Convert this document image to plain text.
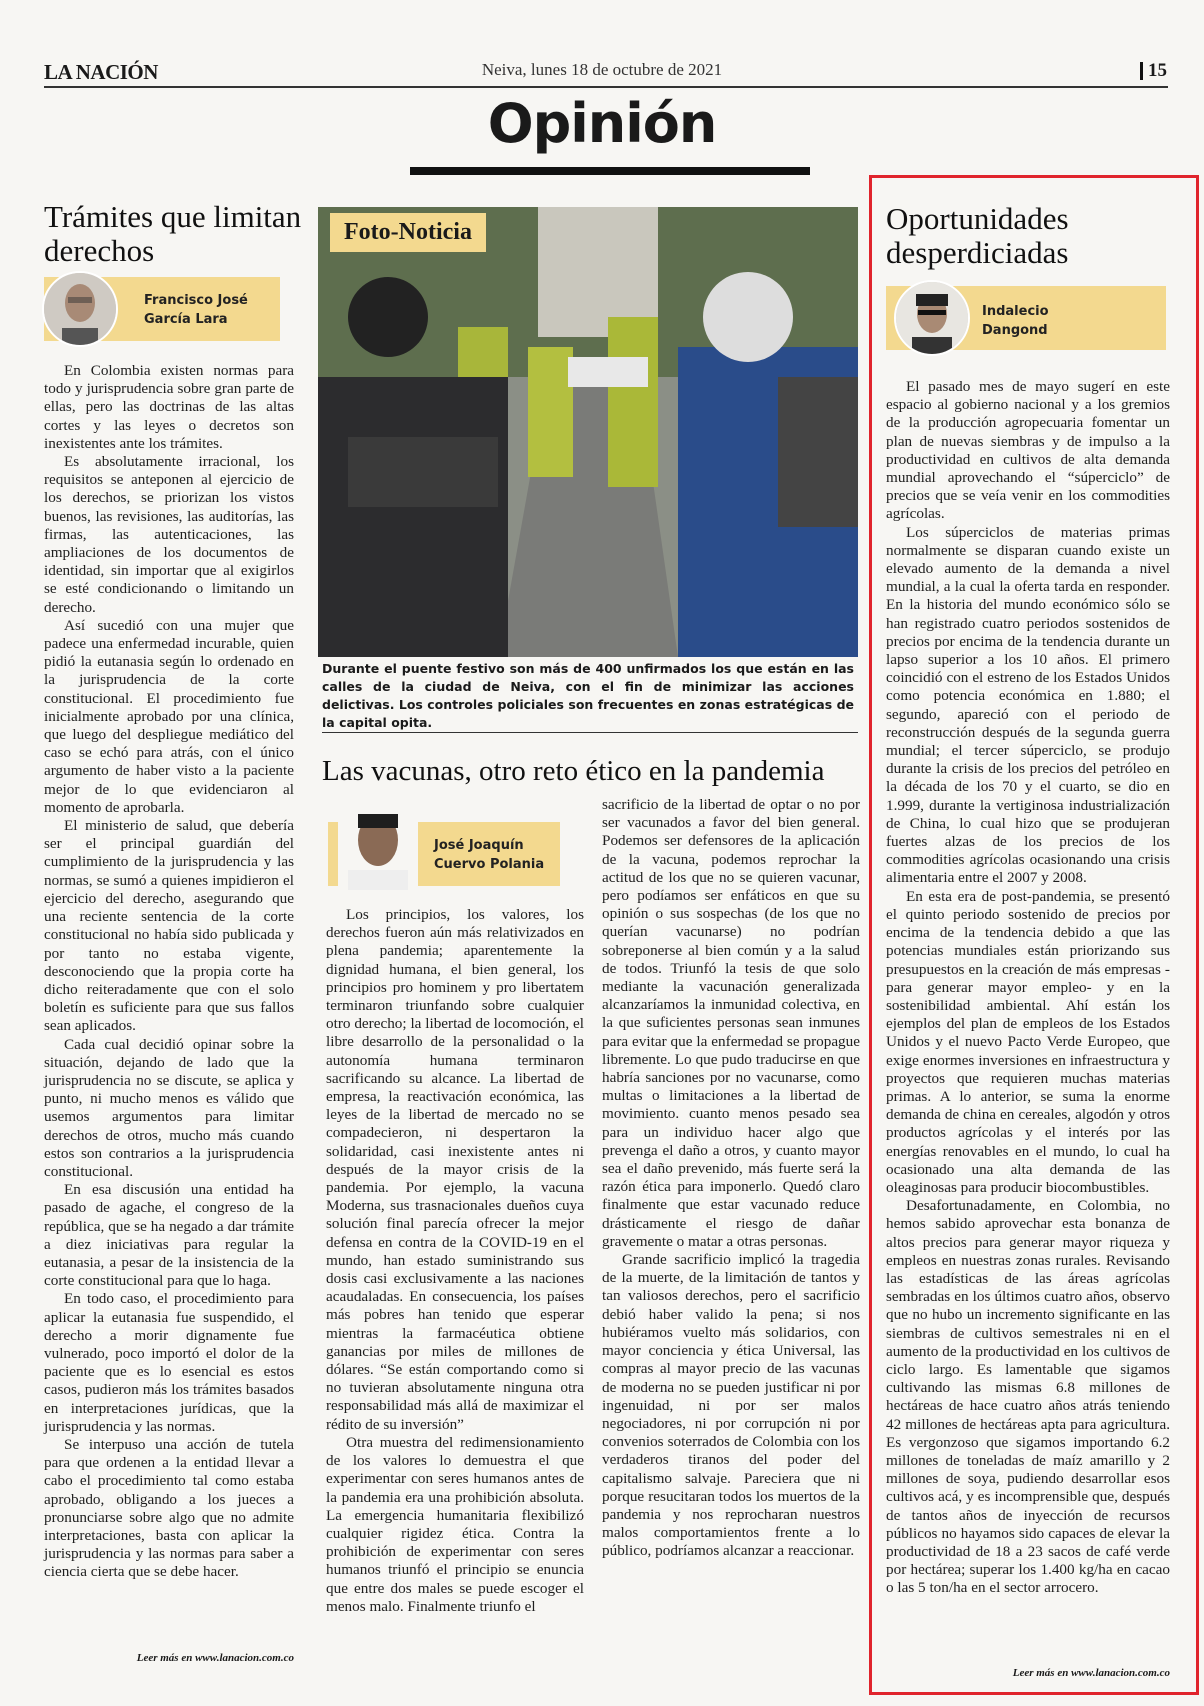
LA NACIÓN	Neiva, lunes 18 de octubre de 2021	15
Opinión
Trámites que limitan derechos
Francisco José
García Lara

En Colombia existen normas para todo y jurisprudencia sobre gran parte de ellas, pero las doctrinas de las altas cortes y las leyes o decretos son inexistentes ante los trámites.

Es absolutamente irracional, los requisitos se anteponen al ejercicio de los derechos, se priorizan los vistos buenos, las revisiones, las auditorías, las firmas, las autenticaciones, las ampliaciones de los documentos de identidad, sin importar que al exigirlos se esté condicionando o limitando un derecho.

Así sucedió con una mujer que padece una enfermedad incurable, quien pidió la eutanasia según lo ordenado en la jurisprudencia de la corte constitucional. El procedimiento fue inicialmente aprobado por una clínica, que luego del despliegue mediático del caso se echó para atrás, con el único argumento de haber visto a la paciente mejor de lo que evidenciaron al momento de aprobarla.

El ministerio de salud, que debería ser el principal guardián del cumplimiento de la jurisprudencia y las normas, se sumó a quienes impidieron el ejercicio del derecho, asegurando que una reciente sentencia de la corte constitucional no había sido publicada y por tanto no estaba vigente, desconociendo que la propia corte ha dicho reiteradamente que con el solo boletín es suficiente para que sus fallos sean aplicados.

Cada cual decidió opinar sobre la situación, dejando de lado que la jurisprudencia no se discute, se aplica y punto, ni mucho menos es válido que usemos argumentos para limitar derechos de otros, mucho más cuando estos son contrarios a la jurisprudencia constitucional.

En esa discusión una entidad ha pasado de agache, el congreso de la república, que se ha negado a dar trámite a diez iniciativas para regular la eutanasia, a pesar de la insistencia de la corte constitucional para que lo haga.

En todo caso, el procedimiento para aplicar la eutanasia fue suspendido, el derecho a morir dignamente fue vulnerado, poco importó el dolor de la paciente que es lo esencial es estos casos, pudieron más los trámites basados en interpretaciones jurídicas, que la jurisprudencia y las normas.

Se interpuso una acción de tutela para que ordenen a la entidad llevar a cabo el procedimiento tal como estaba aprobado, obligando a los jueces a pronunciarse sobre algo que no admite interpretaciones, basta con aplicar la jurisprudencia y las normas para saber a ciencia cierta que se debe hacer.

Leer más en www.lanacion.com.co
Foto-Noticia
Durante el puente festivo son más de 400 unfirmados los que están en las calles de la ciudad de Neiva, con el fin de minimizar las acciones delictivas. Los controles policiales son frecuentes en zonas estratégicas de la capital opita.
Las vacunas, otro reto ético en la pandemia
José Joaquín
Cuervo Polania

Los principios, los valores, los derechos fueron aún más relativizados en plena pandemia; aparentemente la dignidad humana, el bien general, los principios pro hominem y pro libertatem terminaron triunfando sobre cualquier otro derecho; la libertad de locomoción, el libre desarrollo de la personalidad o la autonomía humana terminaron sacrificando su alcance. La libertad de empresa, la reactivación económica, las leyes de la libertad de mercado no se compadecieron, ni despertaron la solidaridad, casi inexistente antes ni después de la mayor crisis de la pandemia. Por ejemplo, la vacuna Moderna, sus trasnacionales dueños cuya solución final parecía ofrecer la mejor defensa en contra de la COVID-19 en el mundo, han estado suministrando sus dosis casi exclusivamente a las naciones acaudaladas. En consecuencia, los países más pobres han tenido que esperar mientras la farmacéutica obtiene ganancias por miles de millones de dólares. “Se están comportando como si no tuvieran absolutamente ninguna otra responsabilidad más allá de maximizar el rédito de su inversión”

Otra muestra del redimensionamiento de los valores lo demuestra el que experimentar con seres humanos antes de la pandemia era una prohibición absoluta. La emergencia humanitaria flexibilizó cualquier rigidez ética. Contra la prohibición de experimentar con seres humanos triunfó el principio se enuncia que entre dos males se puede escoger el menos malo. Finalmente triunfo el

sacrificio de la libertad de optar o no por ser vacunados a favor del bien general. Podemos ser defensores de la aplicación de la vacuna, podemos reprochar la actitud de los que no se quieren vacunar, pero podíamos ser enfáticos en que su opinión o sus sospechas (de los que no querían vacunarse) no podrían sobreponerse al bien común y a la salud de todos. Triunfó la tesis de que solo mediante la vacunación generalizada alcanzaríamos la inmunidad colectiva, en la que suficientes personas sean inmunes para evitar que la enfermedad se propague libremente. Lo que pudo traducirse en que habría sanciones por no vacunarse, como multas o limitaciones a la libertad de movimiento. cuanto menos pesado sea para un individuo hacer algo que prevenga el daño a otros, y cuanto mayor sea el daño prevenido, más fuerte será la razón ética para imponerlo. Quedó claro finalmente que estar vacunado reduce drásticamente el riesgo de dañar gravemente o matar a otras personas.

Grande sacrificio implicó la tragedia de la muerte, de la limitación de tantos y tan valiosos derechos, pero el sacrificio debió haber valido la pena; si nos hubiéramos vuelto más solidarios, con mayor conciencia y ética Universal, las compras al mayor precio de las vacunas de moderna no se pueden justificar ni por ingenuidad, ni por ser malos negociadores, ni por corrupción ni por convenios soterrados de Colombia con los verdaderos tiranos del poder del capitalismo salvaje. Pareciera que ni porque resucitaran todos los muertos de la pandemia y nos reprocharan nuestros malos comportamientos frente a lo público, podríamos alcanzar a reaccionar.

Oportunidades desperdiciadas
Indalecio
Dangond

El pasado mes de mayo sugerí en este espacio al gobierno nacional y a los gremios de la producción agropecuaria fomentar un plan de nuevas siembras y de impulso a la productividad en cultivos de alta demanda mundial aprovechando el “súperciclo” de precios que se veía venir en los commodities agrícolas.

Los súperciclos de materias primas normalmente se disparan cuando existe un elevado aumento de la demanda a nivel mundial, a la cual la oferta tarda en responder. En la historia del mundo económico sólo se han registrado cuatro periodos sostenidos de precios por encima de la tendencia durante un lapso superior a los 10 años. El primero coincidió con el estreno de los Estados Unidos como potencia económica en 1.880; el segundo, apareció con el periodo de reconstrucción después de la segunda guerra mundial; el tercer súperciclo, se produjo durante la crisis de los precios del petróleo en la década de los 70 y el cuarto, se dio en 1.999, durante la vertiginosa industrialización de China, lo cual hizo que se produjeran fuertes alzas de los precios de los commodities agrícolas ocasionando una crisis alimentaria entre el 2007 y 2008.

En esta era de post-pandemia, se presentó el quinto periodo sostenido de precios por encima de la tendencia debido a que las potencias mundiales están priorizando sus presupuestos en la creación de más empresas -para generar mayor empleo- y en la sostenibilidad ambiental. Ahí están los ejemplos del plan de empleos de los Estados Unidos y el nuevo Pacto Verde Europeo, que exige enormes inversiones en infraestructura y proyectos que requieren muchas materias primas. A lo anterior, se suma la enorme demanda de china en cereales, algodón y otros productos agrícolas y el interés por las energías renovables en el mundo, lo cual ha ocasionado una alta demanda de las oleaginosas para producir biocombustibles.

Desafortunadamente, en Colombia, no hemos sabido aprovechar esta bonanza de altos precios para generar mayor riqueza y empleos en nuestras zonas rurales. Revisando las estadísticas de las áreas agrícolas sembradas en los últimos cuatro años, observo que no hubo un incremento significante en las siembras de cultivos semestrales ni en el aumento de la productividad en los cultivos de ciclo largo. Es lamentable que sigamos cultivando las mismas 6.8 millones de hectáreas de hace cuatro años atrás teniendo 42 millones de hectáreas apta para agricultura. Es vergonzoso que sigamos importando 6.2 millones de toneladas de maíz amarillo y 2 millones de soya, pudiendo desarrollar esos cultivos acá, y es incomprensible que, después de tantos años de inyección de recursos públicos no hayamos sido capaces de elevar la productividad de 18 a 23 sacos de café verde por hectárea; superar los 1.400 kg/ha en cacao o las 5 ton/ha en el sector arrocero.

Leer más en www.lanacion.com.co
